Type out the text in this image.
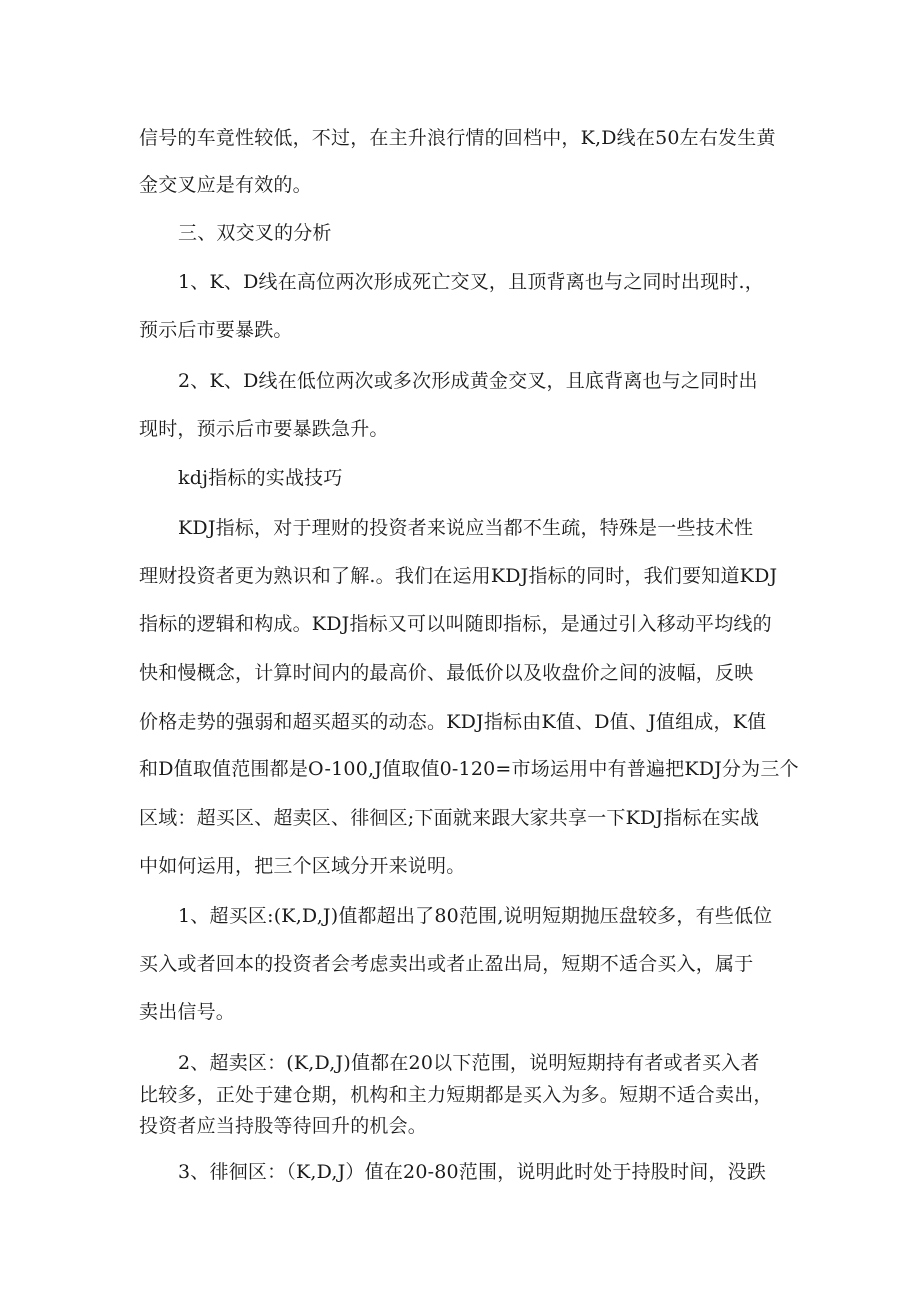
信号的车竟性较低，不过，在主升浪行情的回档中，K,D线在50左右发生黄
金交叉应是有效的。
三、双交叉的分析
1、K、D线在高位两次形成死亡交叉，且顶背离也与之同时出现时.，
预示后市要暴跌。
2、K、D线在低位两次或多次形成黄金交叉，且底背离也与之同时出
现时，预示后市要暴跌急升。
kdj指标的实战技巧
KDJ指标，对于理财的投资者来说应当都不生疏，特殊是一些技术性
理财投资者更为熟识和了解.。我们在运用KDJ指标的同时，我们要知道KDJ
指标的逻辑和构成。KDJ指标又可以叫随即指标，是通过引入移动平均线的
快和慢概念，计算时间内的最高价、最低价以及收盘价之间的波幅，反映
价格走势的强弱和超买超买的动态。KDJ指标由K值、D值、J值组成，K值
和D值取值范围都是O-100,J值取值0-120=市场运用中有普遍把KDJ分为三个
区域：超买区、超卖区、徘徊区;下面就来跟大家共享一下KDJ指标在实战
中如何运用，把三个区域分开来说明。
1、超买区:(K,D,J)值都超出了80范围,说明短期抛压盘较多，有些低位
买入或者回本的投资者会考虑卖出或者止盈出局，短期不适合买入，属于
卖出信号。
2、超卖区：(K,D,J)值都在20以下范围，说明短期持有者或者买入者
比较多，正处于建仓期，机构和主力短期都是买入为多。短期不适合卖出，
投资者应当持股等待回升的机会。
3、徘徊区：（K,D,J）值在20-80范围，说明此时处于持股时间，没跌
